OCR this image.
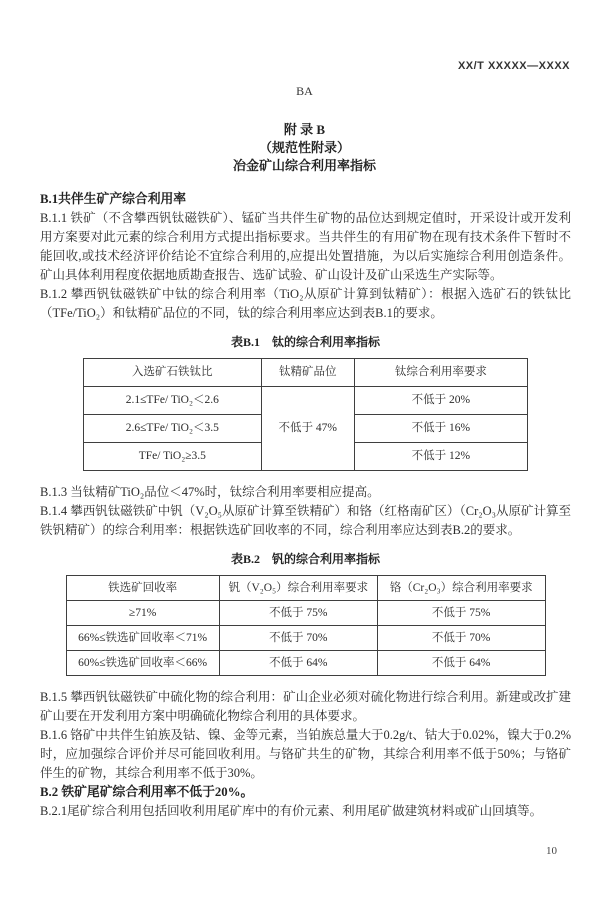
XX/T XXXXX—XXXX
BA
附 录 B
（规范性附录）
冶金矿山综合利用率指标
B.1共伴生矿产综合利用率

B.1.1 铁矿（不含攀西钒钛磁铁矿）、锰矿当共伴生矿物的品位达到规定值时，开采设计或开发利用方案要对此元素的综合利用方式提出指标要求。当共伴生的有用矿物在现有技术条件下暂时不能回收,或技术经济评价结论不宜综合利用的,应提出处置措施，为以后实施综合利用创造条件。矿山具体利用程度依据地质勘查报告、选矿试验、矿山设计及矿山采选生产实际等。

B.1.2 攀西钒钛磁铁矿中钛的综合利用率（TiO₂从原矿计算到钛精矿）：根据入选矿石的铁钛比（TFe/TiO₂）和钛精矿品位的不同，钛的综合利用率应达到表B.1的要求。

表B.1　钛的综合利用率指标
入选矿石铁钛比	钛精矿品位	钛综合利用率要求
2.1≤TFe/ TiO₂＜2.6	不低于 47%	不低于 20%
2.6≤TFe/ TiO₂＜3.5		不低于 16%
TFe/ TiO₂≥3.5		不低于 12%

B.1.3 当钛精矿TiO₂品位＜47%时，钛综合利用率要相应提高。

B.1.4 攀西钒钛磁铁矿中钒（V₂O₅从原矿计算至铁精矿）和铬（红格南矿区）（Cr₂O₃从原矿计算至铁钒精矿）的综合利用率：根据铁选矿回收率的不同，综合利用率应达到表B.2的要求。

表B.2　钒的综合利用率指标
铁选矿回收率	钒（V₂O₅）综合利用率要求	铬（Cr₂O₃）综合利用率要求
≥71%	不低于 75%	不低于 75%
66%≤铁选矿回收率＜71%	不低于 70%	不低于 70%
60%≤铁选矿回收率＜66%	不低于 64%	不低于 64%

B.1.5 攀西钒钛磁铁矿中硫化物的综合利用：矿山企业必须对硫化物进行综合利用。新建或改扩建矿山要在开发利用方案中明确硫化物综合利用的具体要求。

B.1.6 铬矿中共伴生铂族及钴、镍、金等元素，当铂族总量大于0.2g/t、钴大于0.02%，镍大于0.2%时，应加强综合评价并尽可能回收利用。与铬矿共生的矿物，其综合利用率不低于50%；与铬矿伴生的矿物，其综合利用率不低于30%。

B.2 铁矿尾矿综合利用率不低于20%。

B.2.1尾矿综合利用包括回收利用尾矿库中的有价元素、利用尾矿做建筑材料或矿山回填等。

10
